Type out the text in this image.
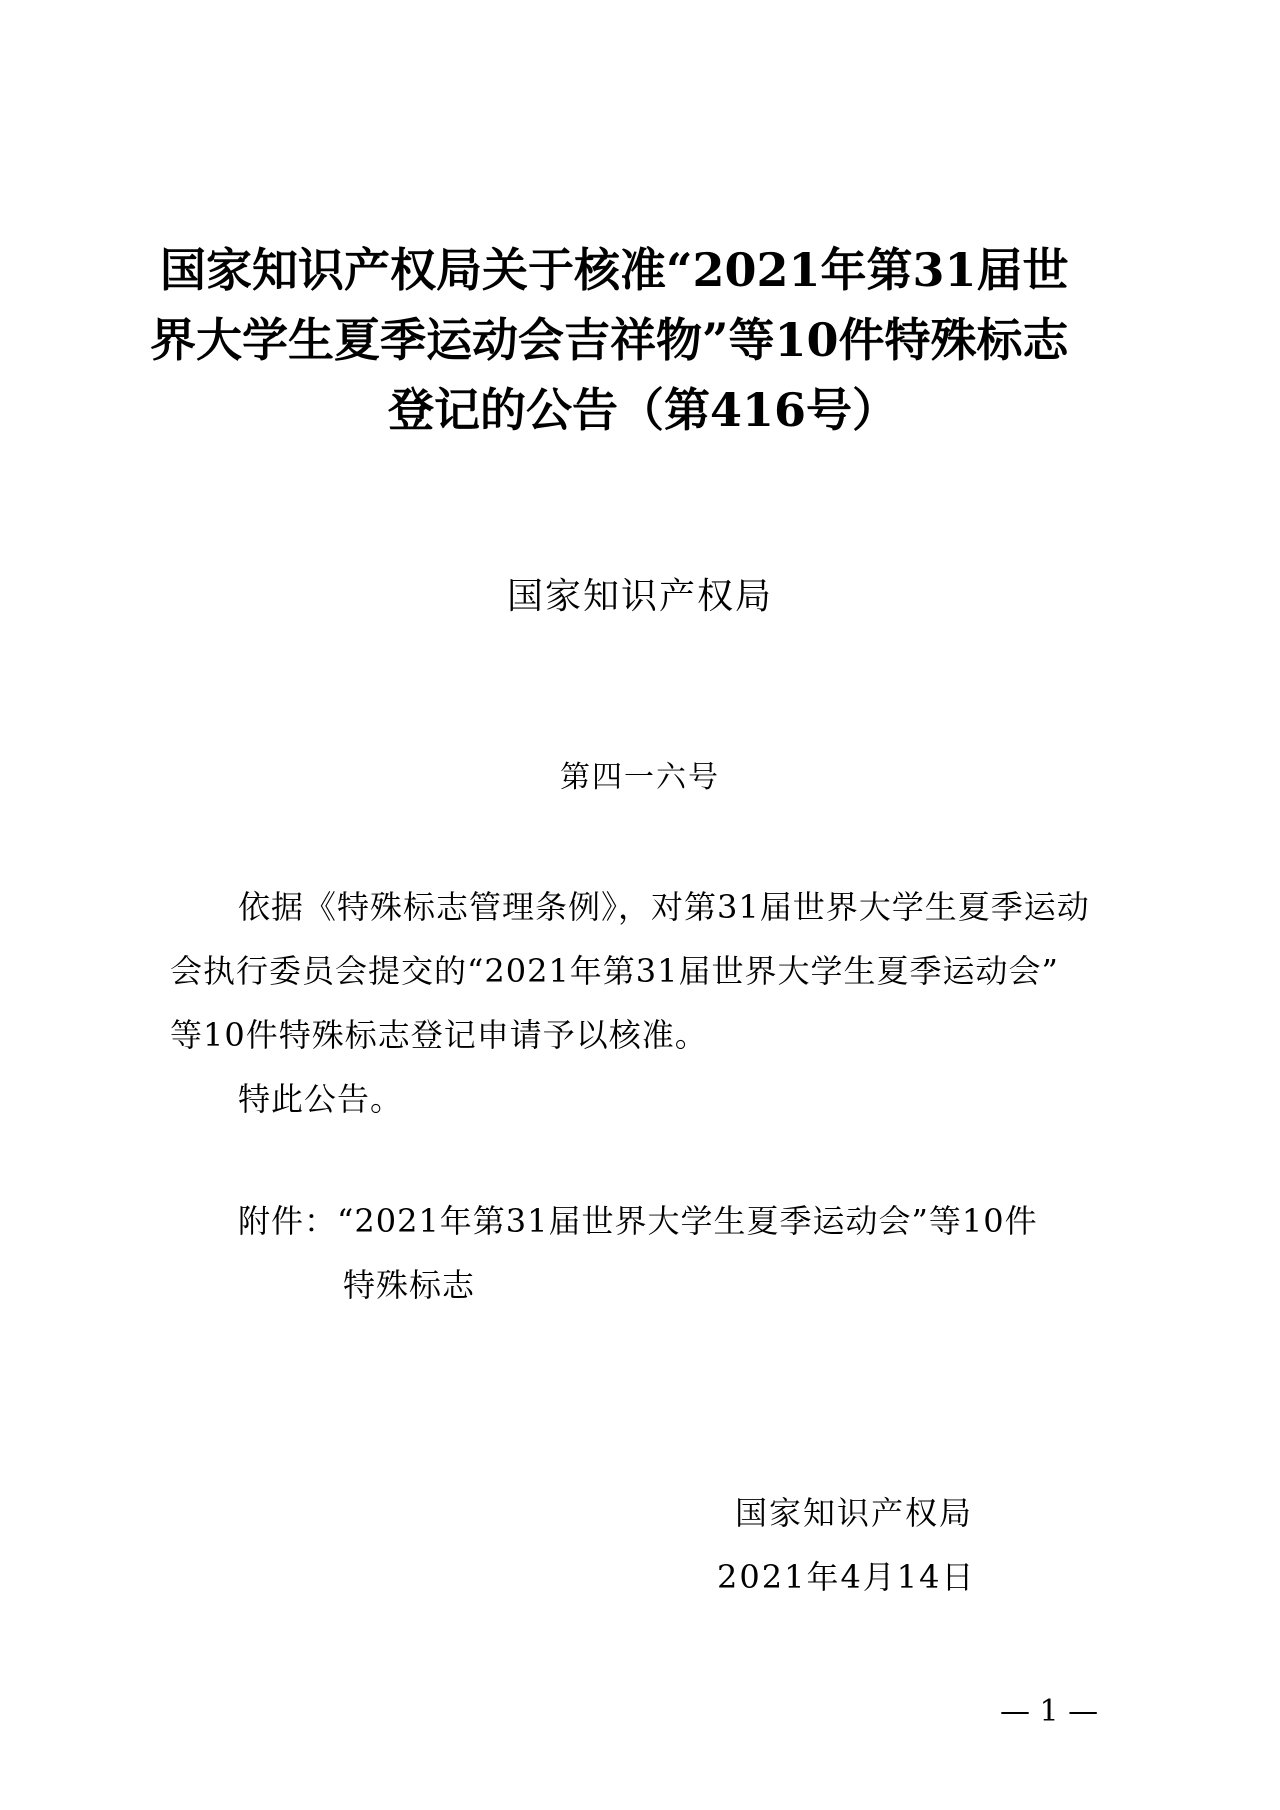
国家知识产权局关于核准“2021年第31届世
界大学生夏季运动会吉祥物”等10件特殊标志
登记的公告（第416号）
国家知识产权局
第四一六号
依据《特殊标志管理条例》，对第31届世界大学生夏季运动
会执行委员会提交的“2021年第31届世界大学生夏季运动会”
等10件特殊标志登记申请予以核准。
特此公告。
附件：“2021年第31届世界大学生夏季运动会”等10件
特殊标志
国家知识产权局
2021年4月14日
— 1 —
